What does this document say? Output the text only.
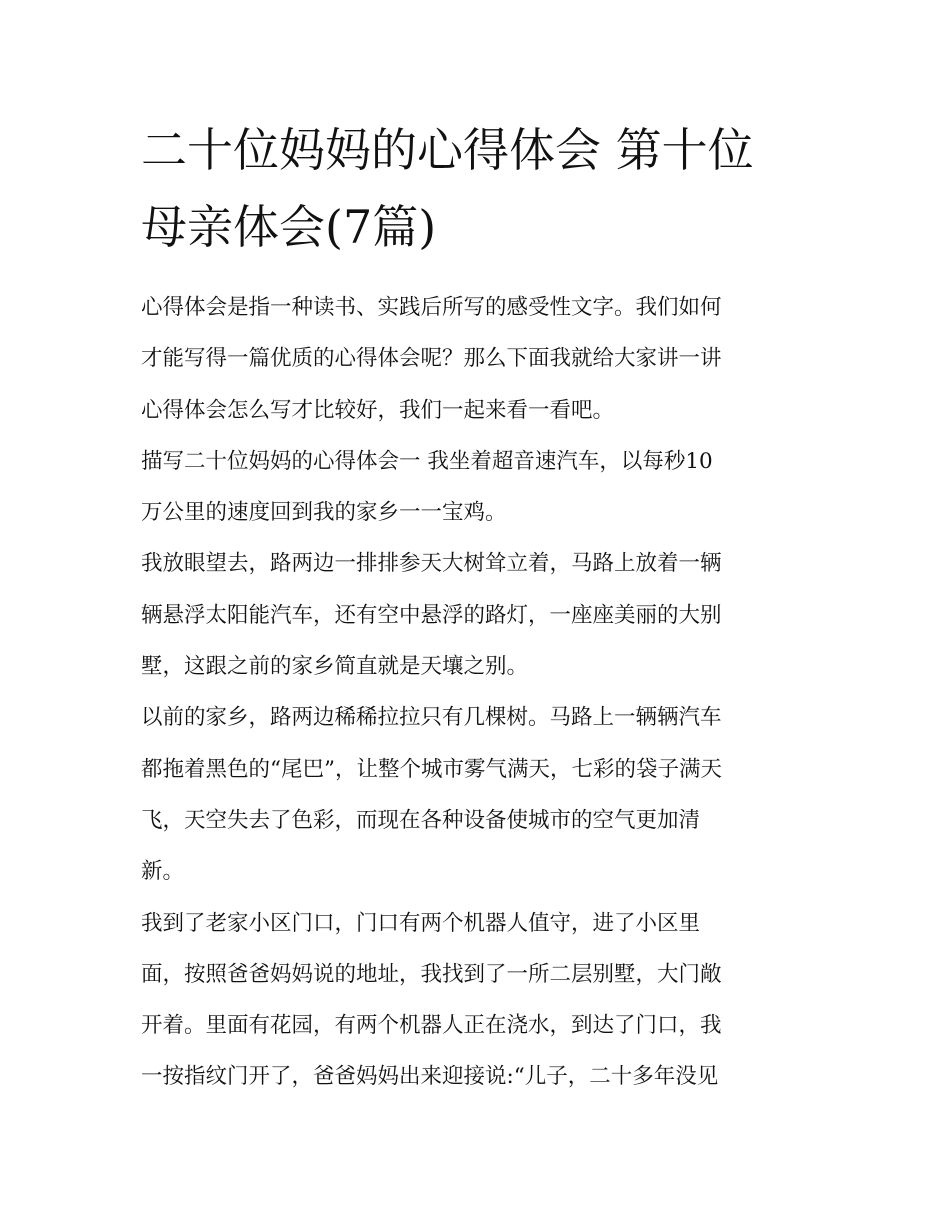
二十位妈妈的心得体会 第十位
母亲体会(7篇)

心得体会是指一种读书、实践后所写的感受性文字。我们如何
才能写得一篇优质的心得体会呢？那么下面我就给大家讲一讲
心得体会怎么写才比较好，我们一起来看一看吧。

描写二十位妈妈的心得体会一 我坐着超音速汽车，以每秒10
万公里的速度回到我的家乡一一宝鸡。

我放眼望去，路两边一排排参天大树耸立着，马路上放着一辆
辆悬浮太阳能汽车，还有空中悬浮的路灯，一座座美丽的大别
墅，这跟之前的家乡简直就是天壤之别。

以前的家乡，路两边稀稀拉拉只有几棵树。马路上一辆辆汽车
都拖着黑色的“尾巴”，让整个城市雾气满天，七彩的袋子满天
飞，天空失去了色彩，而现在各种设备使城市的空气更加清
新。

我到了老家小区门口，门口有两个机器人值守，进了小区里
面，按照爸爸妈妈说的地址，我找到了一所二层别墅，大门敞
开着。里面有花园，有两个机器人正在浇水，到达了门口，我
一按指纹门开了，爸爸妈妈出来迎接说:“儿子，二十多年没见
